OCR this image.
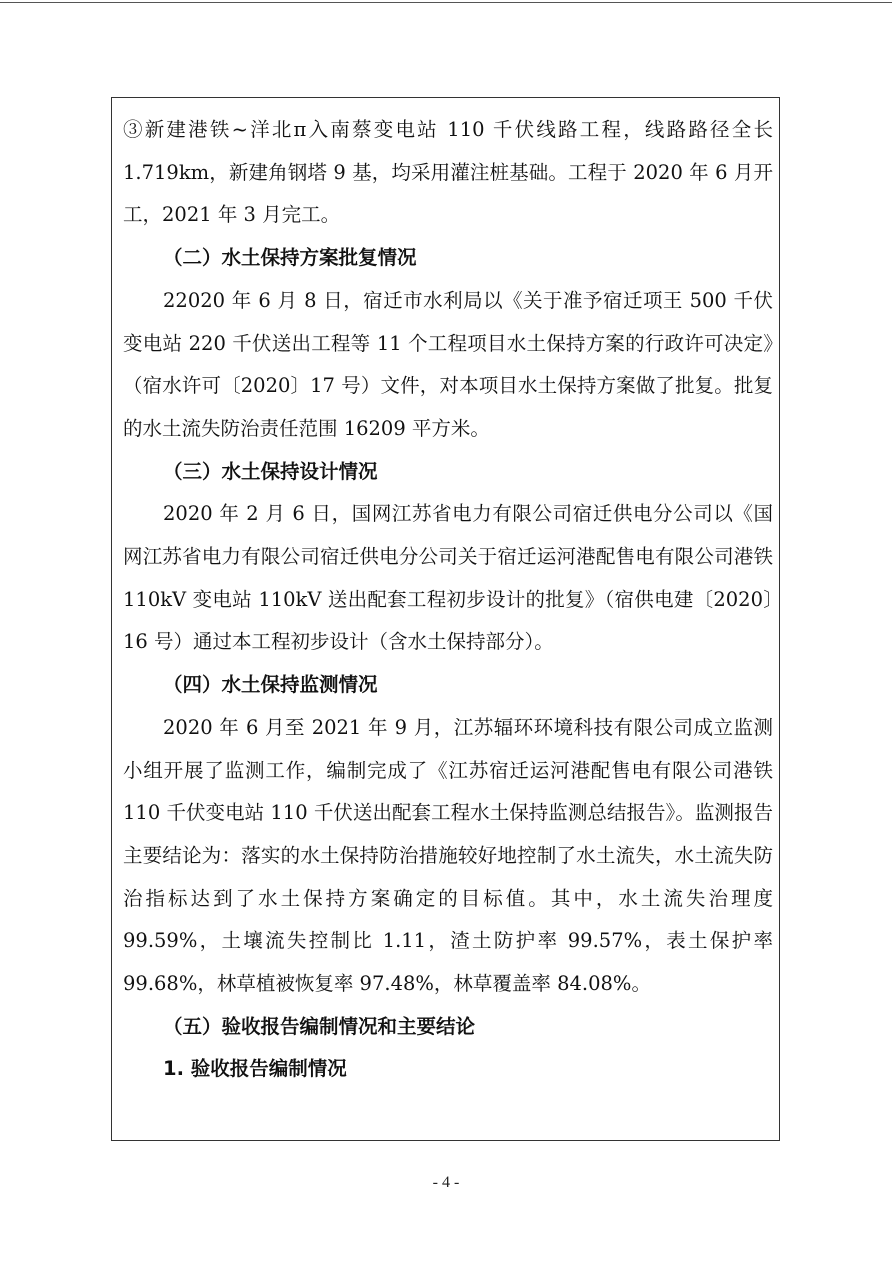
③新建港铁~洋北π入南蔡变电站 110 千伏线路工程，线路路径全长 1.719km，新建角钢塔 9 基，均采用灌注桩基础。工程于 2020 年 6 月开工，2021 年 3 月完工。

（二）水土保持方案批复情况

22020 年 6 月 8 日，宿迁市水利局以《关于准予宿迁项王 500 千伏变电站 220 千伏送出工程等 11 个工程项目水土保持方案的行政许可决定》（宿水许可〔2020〕17 号）文件，对本项目水土保持方案做了批复。批复的水土流失防治责任范围 16209 平方米。

（三）水土保持设计情况

2020 年 2 月 6 日，国网江苏省电力有限公司宿迁供电分公司以《国网江苏省电力有限公司宿迁供电分公司关于宿迁运河港配售电有限公司港铁 110kV 变电站 110kV 送出配套工程初步设计的批复》（宿供电建〔2020〕16 号）通过本工程初步设计（含水土保持部分）。

（四）水土保持监测情况

2020 年 6 月至 2021 年 9 月，江苏辐环环境科技有限公司成立监测小组开展了监测工作，编制完成了《江苏宿迁运河港配售电有限公司港铁 110 千伏变电站 110 千伏送出配套工程水土保持监测总结报告》。监测报告主要结论为：落实的水土保持防治措施较好地控制了水土流失，水土流失防治指标达到了水土保持方案确定的目标值。其中，水土流失治理度 99.59%，土壤流失控制比 1.11，渣土防护率 99.57%，表土保护率 99.68%，林草植被恢复率 97.48%，林草覆盖率 84.08%。

（五）验收报告编制情况和主要结论

1. 验收报告编制情况

- 4 -
